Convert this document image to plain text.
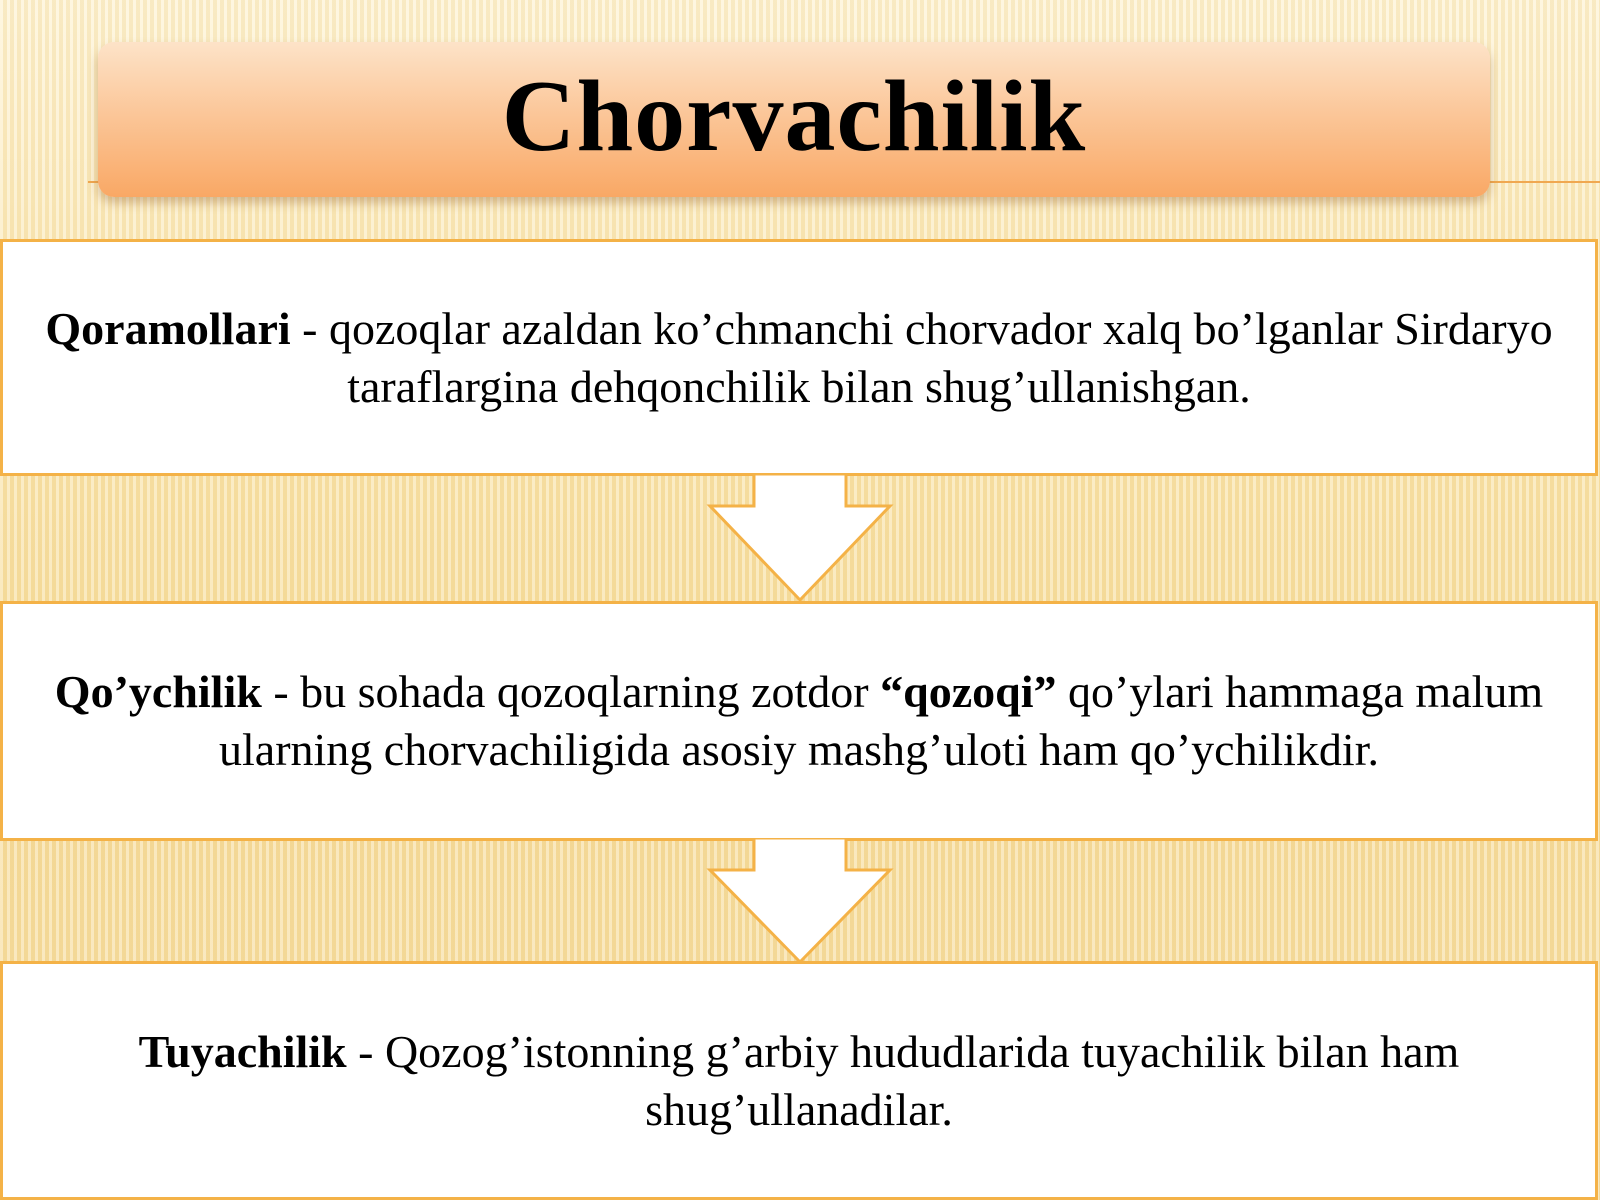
Chorvachilik
Qoramollari - qozoqlar azaldan ko’chmanchi chorvador xalq bo’lganlar Sirdaryo taraflargina dehqonchilik bilan shug’ullanishgan.
Qo’ychilik - bu sohada qozoqlarning zotdor “qozoqi” qo’ylari hammaga malum ularning chorvachiligida asosiy mashg’uloti ham qo’ychilikdir.
Tuyachilik - Qozog’istonning g’arbiy hududlarida tuyachilik bilan ham shug’ullanadilar.
